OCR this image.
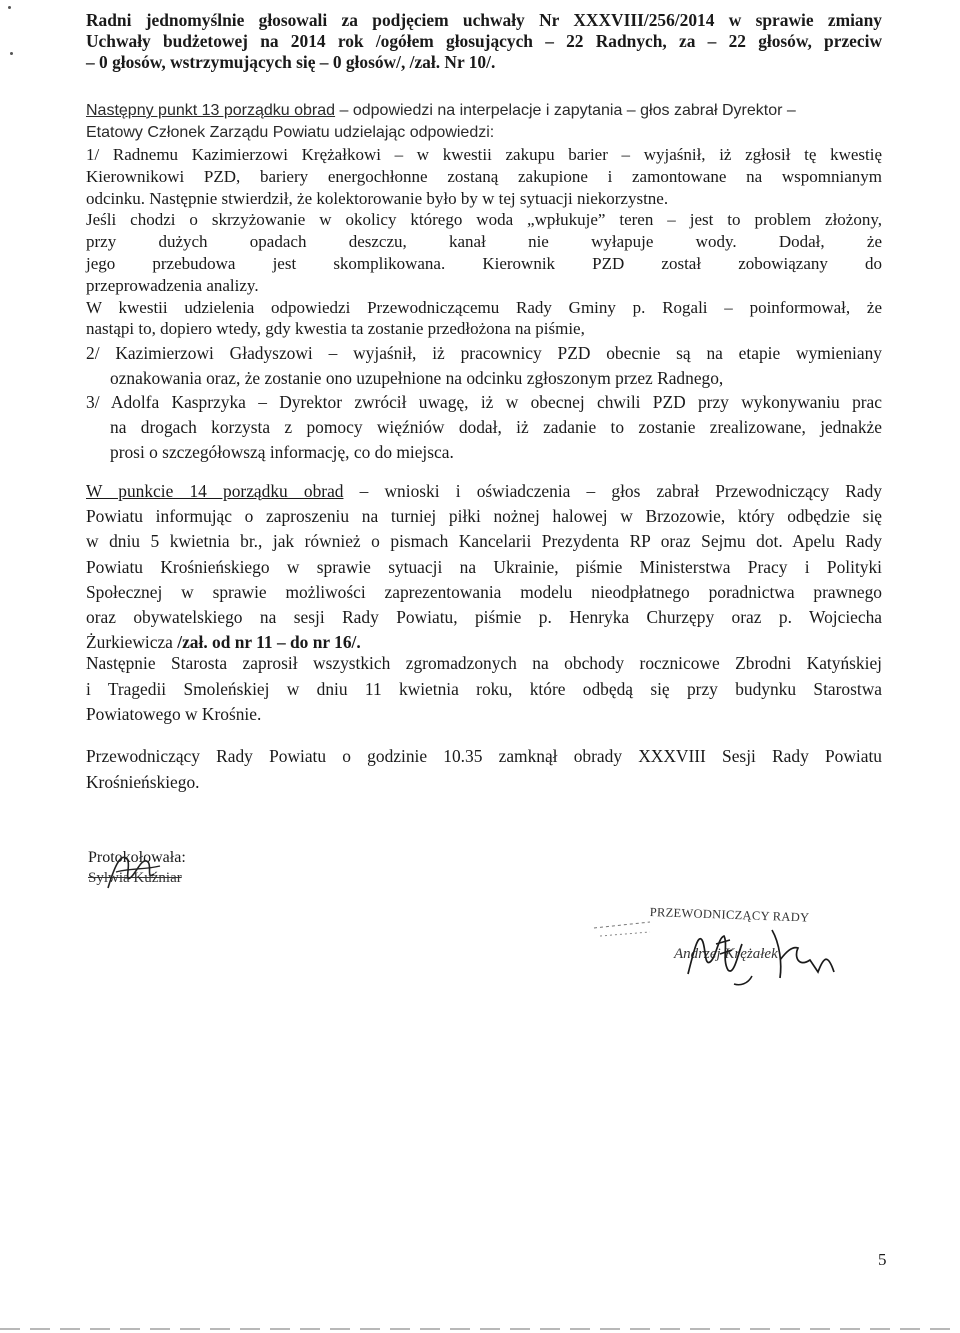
Radni jednomyślnie głosowali za podjęciem uchwały Nr XXXVIII/256/2014 w sprawie zmiany
Uchwały budżetowej na 2014 rok /ogółem głosujących – 22 Radnych, za – 22 głosów, przeciw
– 0 głosów, wstrzymujących się – 0 głosów/, /zał. Nr 10/.
Następny punkt 13 porządku obrad – odpowiedzi na interpelacje i zapytania – głos zabrał Dyrektor –
Etatowy Członek Zarządu Powiatu udzielając odpowiedzi:
1/ Radnemu Kazimierzowi Krężałkowi – w kwestii zakupu barier – wyjaśnił, iż zgłosił tę kwestię
Kierownikowi PZD, bariery energochłonne zostaną zakupione i zamontowane na wspomnianym
odcinku. Następnie stwierdził, że kolektorowanie było by w tej sytuacji niekorzystne.
Jeśli chodzi o skrzyżowanie w okolicy którego woda „wpłukuje” teren – jest to problem złożony,
przy dużych opadach deszczu, kanał nie wyłapuje wody. Dodał, że
jego przebudowa jest skomplikowana. Kierownik PZD został zobowiązany do
przeprowadzenia analizy.
W kwestii udzielenia odpowiedzi Przewodniczącemu Rady Gminy p. Rogali – poinformował, że
nastąpi to, dopiero wtedy, gdy kwestia ta zostanie przedłożona na piśmie,
2/ Kazimierzowi Gładyszowi – wyjaśnił, iż pracownicy PZD obecnie są na etapie wymieniany
oznakowania oraz, że zostanie ono uzupełnione na odcinku zgłoszonym przez Radnego,
3/ Adolfa Kasprzyka – Dyrektor zwrócił uwagę, iż w obecnej chwili PZD przy wykonywaniu prac
na drogach korzysta z pomocy więźniów dodał, iż zadanie to zostanie zrealizowane, jednakże
prosi o szczegółowszą informację, co do miejsca.
W punkcie 14 porządku obrad – wnioski i oświadczenia – głos zabrał Przewodniczący Rady
Powiatu informując o zaproszeniu na turniej piłki nożnej halowej w Brzozowie, który odbędzie się
w dniu 5 kwietnia br., jak również o pismach Kancelarii Prezydenta RP oraz Sejmu dot. Apelu Rady
Powiatu Krośnieńskiego w sprawie sytuacji na Ukrainie, piśmie Ministerstwa Pracy i Polityki
Społecznej w sprawie możliwości zaprezentowania modelu nieodpłatnego poradnictwa prawnego
oraz obywatelskiego na sesji Rady Powiatu, piśmie p. Henryka Churzępy oraz p. Wojciecha
Żurkiewicza /zał. od nr 11 – do nr 16/.
Następnie Starosta zaprosił wszystkich zgromadzonych na obchody rocznicowe Zbrodni Katyńskiej
i Tragedii Smoleńskiej w dniu 11 kwietnia roku, które odbędą się przy budynku Starostwa
Powiatowego w Krośnie.
Przewodniczący Rady Powiatu o godzinie 10.35 zamknął obrady XXXVIII Sesji Rady Powiatu
Krośnieńskiego.
Protokołowała:
Sylwia Kuźniar
PRZEWODNICZĄCY RADY
Andrzej Krężałek
5
